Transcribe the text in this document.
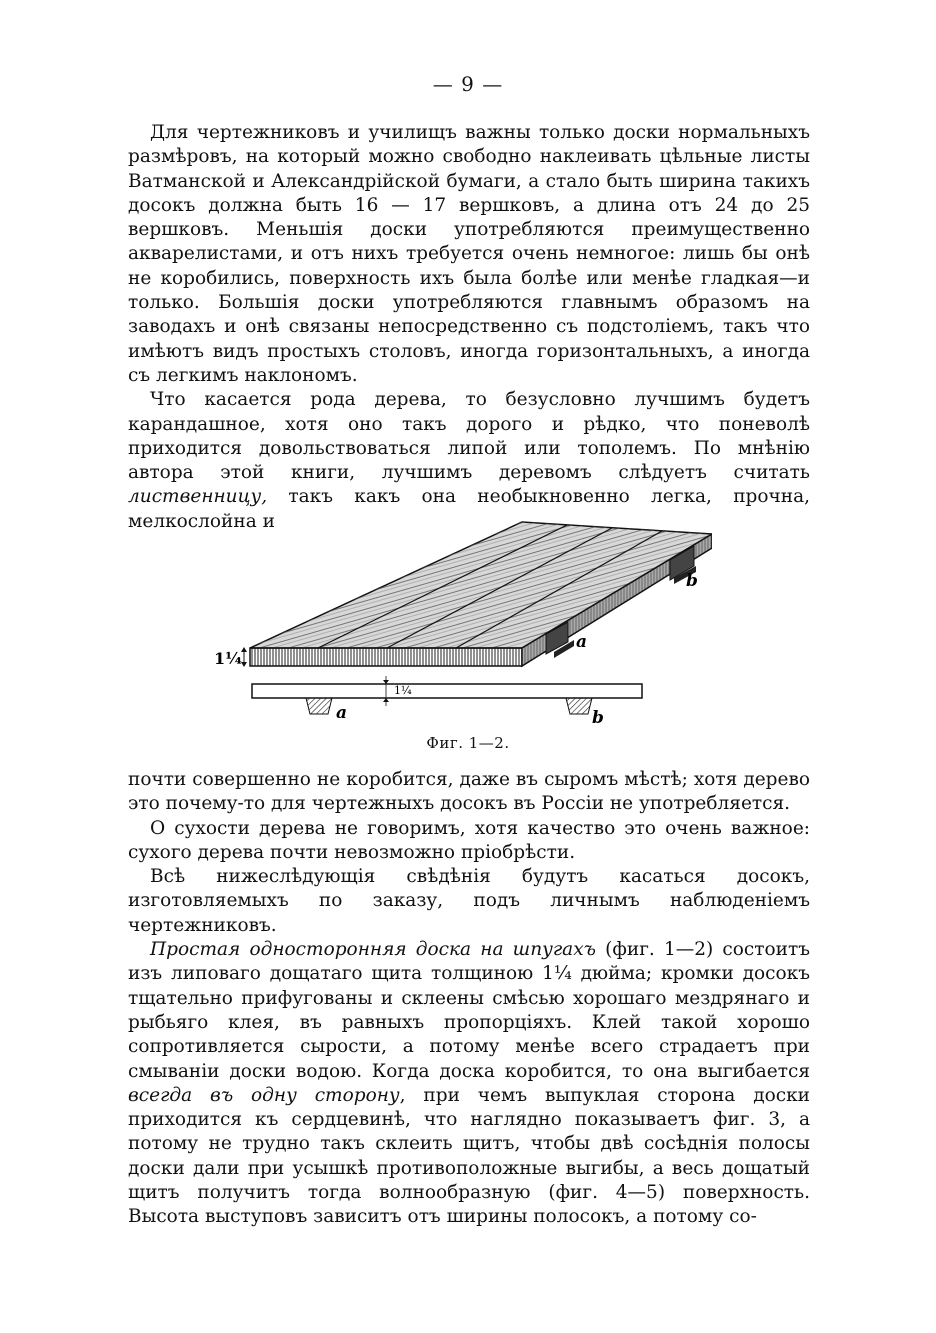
— 9 —

Для чертежниковъ и училищъ важны только доски нормальныхъ размѣровъ, на который можно свободно наклеивать цѣльные листы Ватманской и Александрійской бумаги, а стало быть ширина такихъ досокъ должна быть 16 — 17 вершковъ, а длина отъ 24 до 25 вершковъ. Меньшія доски употребляются преимущественно акварелистами, и отъ нихъ требуется очень немногое: лишь бы онѣ не коробились, поверхность ихъ была болѣе или менѣе гладкая—и только. Большія доски употребляются главнымъ образомъ на заводахъ и онѣ связаны непосредственно съ подстоліемъ, такъ что имѣютъ видъ простыхъ столовъ, иногда горизонтальныхъ, а иногда съ легкимъ наклономъ.

Что касается рода дерева, то безусловно лучшимъ будетъ карандашное, хотя оно такъ дорого и рѣдко, что поневолѣ приходится довольствоваться липой или тополемъ. По мнѣнію автора этой книги, лучшимъ деревомъ слѣдуетъ считать лиственницу, такъ какъ она необыкновенно легка, прочна, мелкослойна и

a
b
1¼
1¼
a	b
Фиг. 1—2.

почти совершенно не коробится, даже въ сыромъ мѣстѣ; хотя дерево это почему-то для чертежныхъ досокъ въ Россіи не употребляется.

О сухости дерева не говоримъ, хотя качество это очень важное: сухого дерева почти невозможно пріобрѣсти.

Всѣ нижеслѣдующія свѣдѣнія будутъ касаться досокъ, изготовляемыхъ по заказу, подъ личнымъ наблюденіемъ чертежниковъ.

Простая односторонняя доска на шпугахъ (фиг. 1—2) состоитъ изъ липоваго дощатаго щита толщиною 1¼ дюйма; кромки досокъ тщательно прифугованы и склеены смѣсью хорошаго мездрянаго и рыбьяго клея, въ равныхъ пропорціяхъ. Клей такой хорошо сопротивляется сырости, а потому менѣе всего страдаетъ при смываніи доски водою. Когда доска коробится, то она выгибается всегда въ одну сторону, при чемъ выпуклая сторона доски приходится къ сердцевинѣ, что наглядно показываетъ фиг. 3, а потому не трудно такъ склеить щитъ, чтобы двѣ сосѣднія полосы доски дали при усышкѣ противоположные выгибы, а весь дощатый щитъ получитъ тогда волнообразную (фиг. 4—5) поверхность. Высота выступовъ зависитъ отъ ширины полосокъ, а потому со-
